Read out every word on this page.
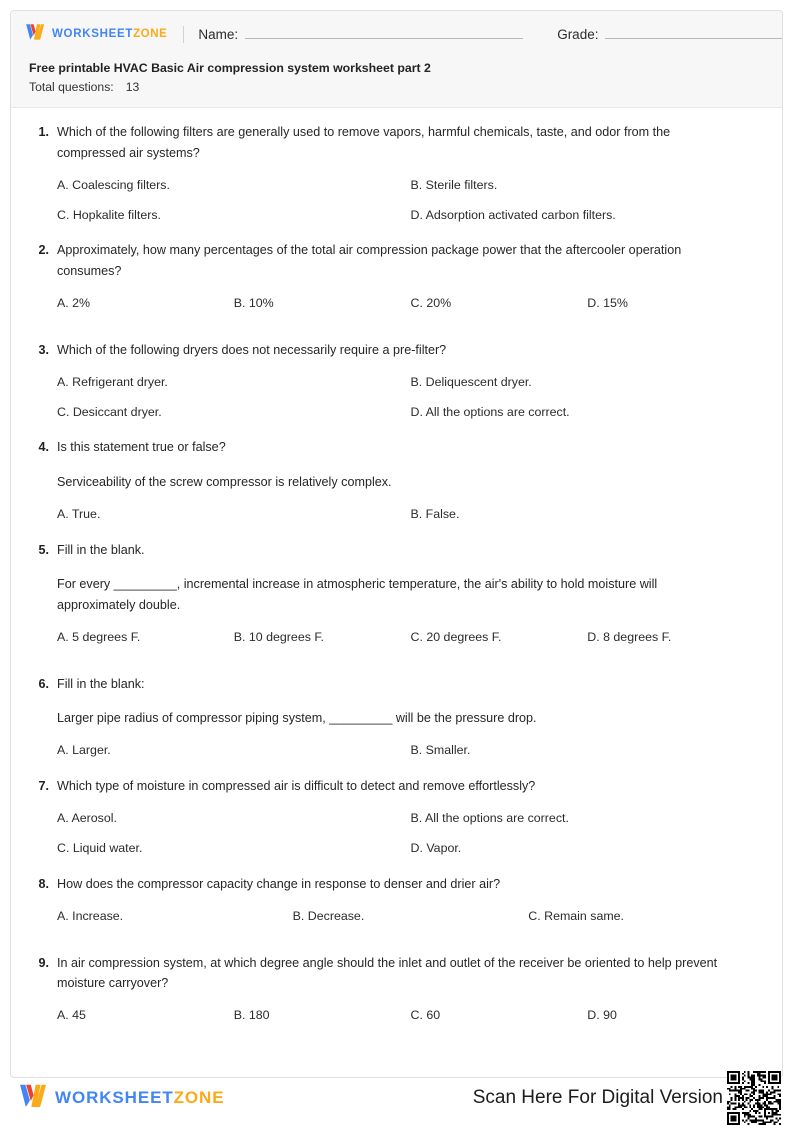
WORKSHEETZONE Name:	Grade:
Free printable HVAC Basic Air compression system worksheet part 2
Total questions: 13
1. Which of the following filters are generally used to remove vapors, harmful chemicals, taste, and odor from the compressed air systems?
A. Coalescing filters.	B. Sterile filters.
C. Hopkalite filters.	D. Adsorption activated carbon filters.
2. Approximately, how many percentages of the total air compression package power that the aftercooler operation consumes?
A. 2%	B. 10%	C. 20%	D. 15%
3. Which of the following dryers does not necessarily require a pre-filter?
A. Refrigerant dryer.	B. Deliquescent dryer.
C. Desiccant dryer.	D. All the options are correct.
4. Is this statement true or false?
Serviceability of the screw compressor is relatively complex.
A. True.	B. False.
5. Fill in the blank.
For every _________, incremental increase in atmospheric temperature, the air's ability to hold moisture will approximately double.
A. 5 degrees F.	B. 10 degrees F.	C. 20 degrees F.	D. 8 degrees F.
6. Fill in the blank:
Larger pipe radius of compressor piping system, _________ will be the pressure drop.
A. Larger.	B. Smaller.
7. Which type of moisture in compressed air is difficult to detect and remove effortlessly?
A. Aerosol.	B. All the options are correct.
C. Liquid water.	D. Vapor.
8. How does the compressor capacity change in response to denser and drier air?
A. Increase.	B. Decrease.	C. Remain same.
9. In air compression system, at which degree angle should the inlet and outlet of the receiver be oriented to help prevent moisture carryover?
A. 45	B. 180	C. 60	D. 90
WORKSHEETZONE	Scan Here For Digital Version
